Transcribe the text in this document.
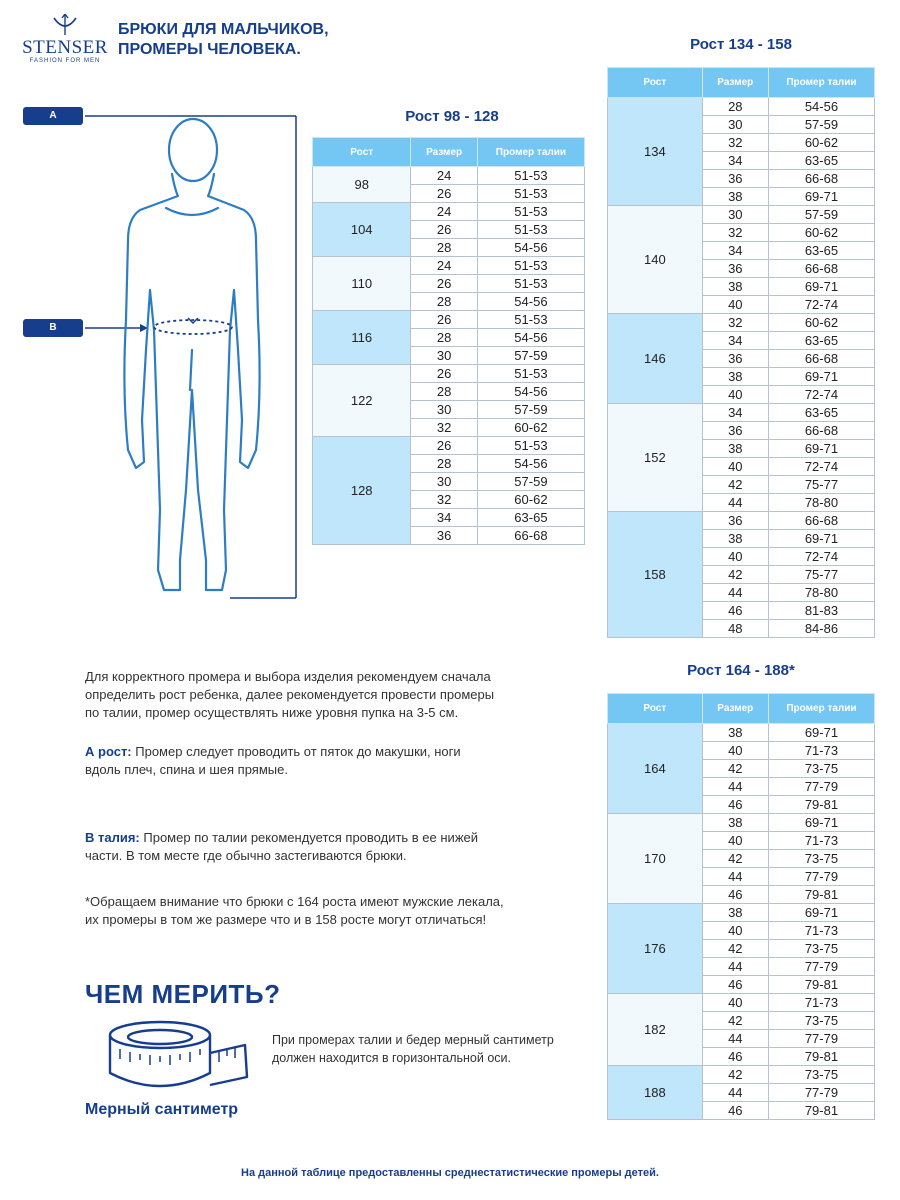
STENSER
FASHION FOR MEN
БРЮКИ ДЛЯ МАЛЬЧИКОВ,
ПРОМЕРЫ ЧЕЛОВЕКА.
A
B
Рост 98 - 128
Рост	Размер	Промер талии
98	24	51-53
	26	51-53
104	24	51-53
	26	51-53
	28	54-56
110	24	51-53
	26	51-53
	28	54-56
116	26	51-53
	28	54-56
	30	57-59
122	26	51-53
	28	54-56
	30	57-59
	32	60-62
128	26	51-53
	28	54-56
	30	57-59
	32	60-62
	34	63-65
	36	66-68
Рост 134 - 158
Рост	Размер	Промер талии
134	28	54-56
	30	57-59
	32	60-62
	34	63-65
	36	66-68
	38	69-71
140	30	57-59
	32	60-62
	34	63-65
	36	66-68
	38	69-71
	40	72-74
146	32	60-62
	34	63-65
	36	66-68
	38	69-71
	40	72-74
152	34	63-65
	36	66-68
	38	69-71
	40	72-74
	42	75-77
	44	78-80
158	36	66-68
	38	69-71
	40	72-74
	42	75-77
	44	78-80
	46	81-83
	48	84-86
Рост 164 - 188*
Рост	Размер	Промер талии
164	38	69-71
	40	71-73
	42	73-75
	44	77-79
	46	79-81
170	38	69-71
	40	71-73
	42	73-75
	44	77-79
	46	79-81
176	38	69-71
	40	71-73
	42	73-75
	44	77-79
	46	79-81
182	40	71-73
	42	73-75
	44	77-79
	46	79-81
188	42	73-75
	44	77-79
	46	79-81
Для корректного промера и выбора изделия рекомендуем сначала
определить рост ребенка, далее рекомендуется провести промеры
по талии, промер осуществлять ниже уровня пупка на 3-5 см.
А рост: Промер следует проводить от пяток до макушки, ноги
вдоль плеч, спина и шея прямые.
В талия: Промер по талии рекомендуется проводить в ее нижей
части. В том месте где обычно застегиваются брюки.
*Обращаем внимание что брюки с 164 роста имеют мужские лекала,
их промеры в том же размере что и в 158 росте могут отличаться!
ЧЕМ МЕРИТЬ?
Мерный сантиметр
При промерах талии и бедер мерный сантиметр
должен находится в горизонтальной оси.
На данной таблице предоставленны среднестатистические промеры детей.
